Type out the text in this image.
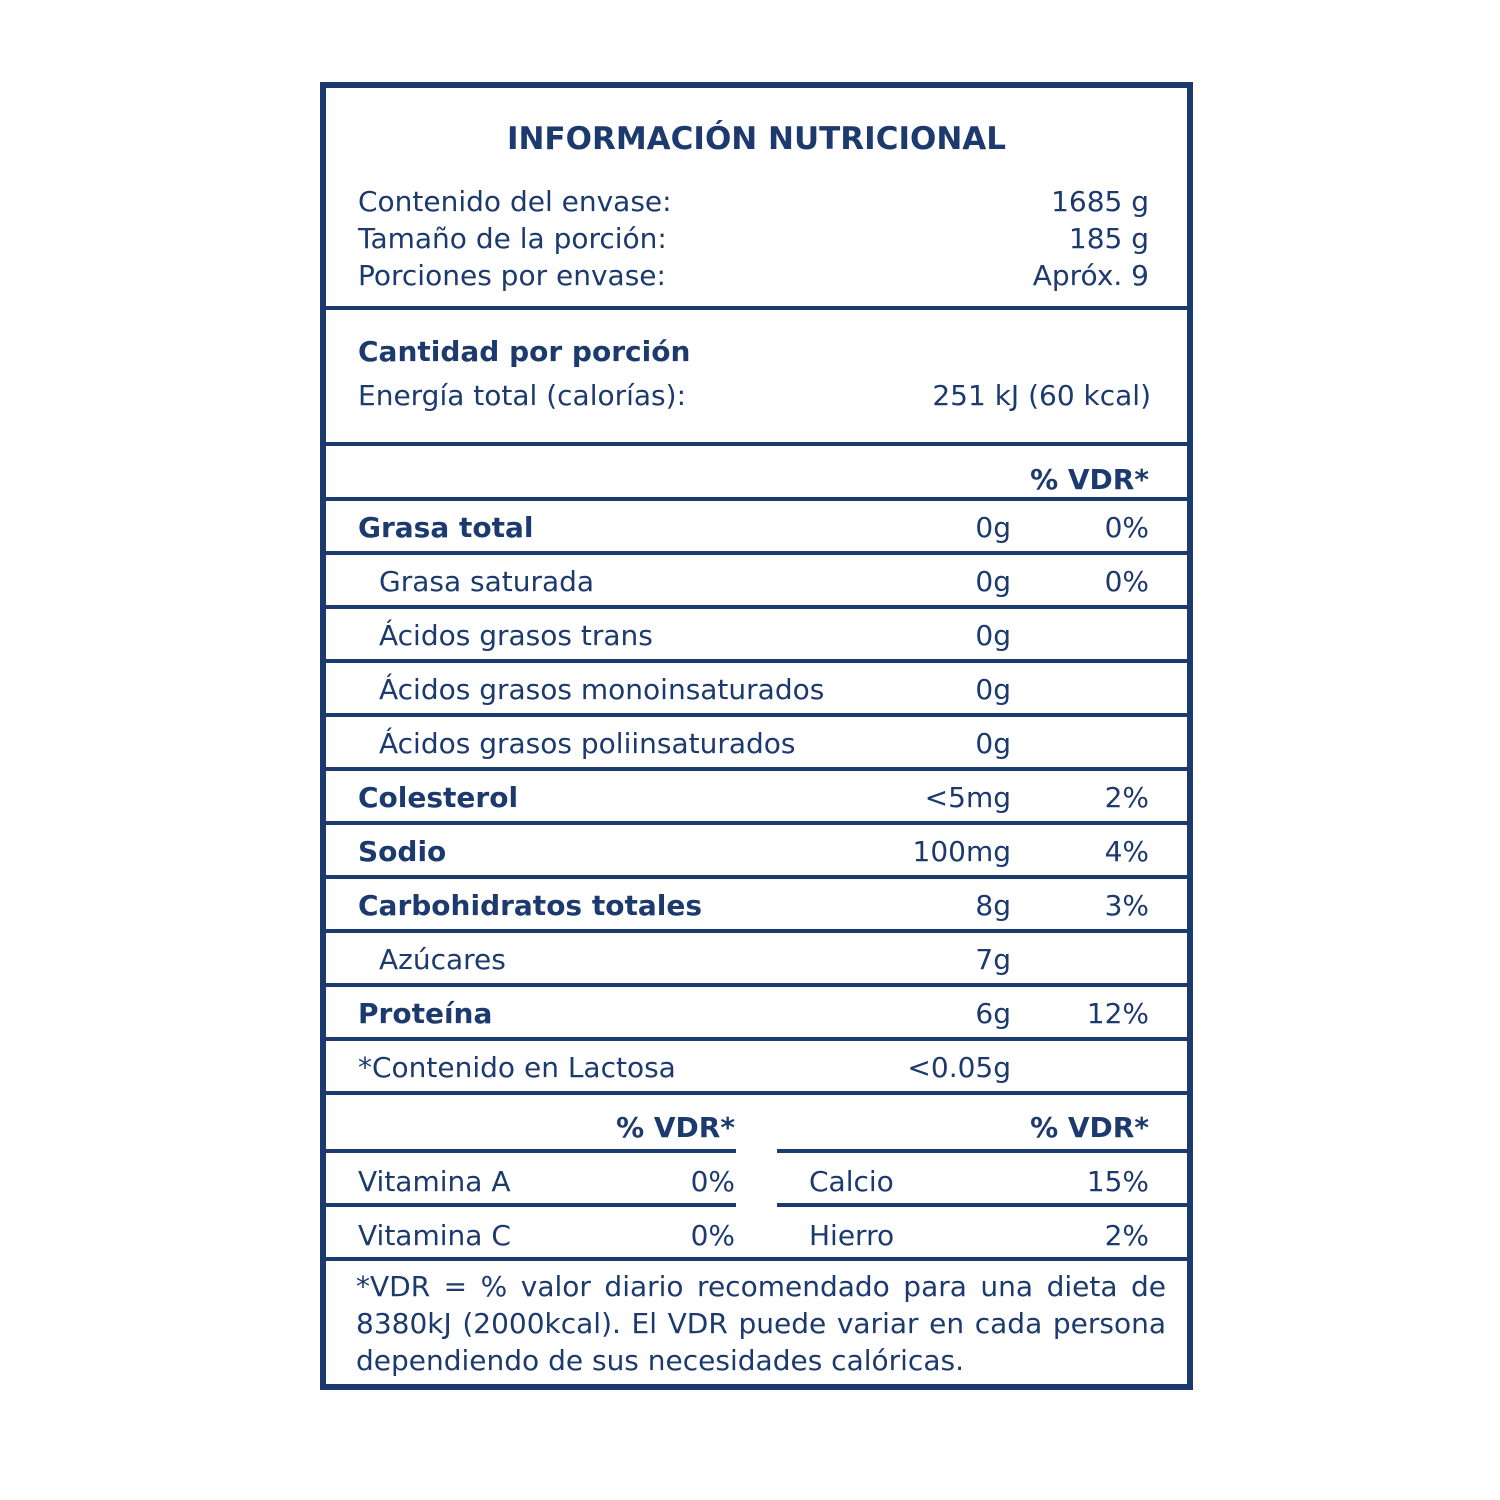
INFORMACIÓN NUTRICIONAL
Contenido del envase:	1685 g
Tamaño de la porción:	185 g
Porciones por envase:	Apróx. 9
Cantidad por porción
Energía total (calorías):	251 kJ (60 kcal)
% VDR*
Grasa total	0g	0%
Grasa saturada	0g	0%
Ácidos grasos trans	0g
Ácidos grasos monoinsaturados	0g
Ácidos grasos poliinsaturados	0g
Colesterol	<5mg	2%
Sodio	100mg	4%
Carbohidratos totales	8g	3%
Azúcares	7g
Proteína	6g	12%
*Contenido en Lactosa	<0.05g
% VDR*	% VDR*
Vitamina A	0%	Calcio	15%
Vitamina C	0%	Hierro	2%
*VDR = % valor diario recomendado para una dieta de 8380kJ (2000kcal). El VDR puede variar en cada persona dependiendo de sus necesidades calóricas.
